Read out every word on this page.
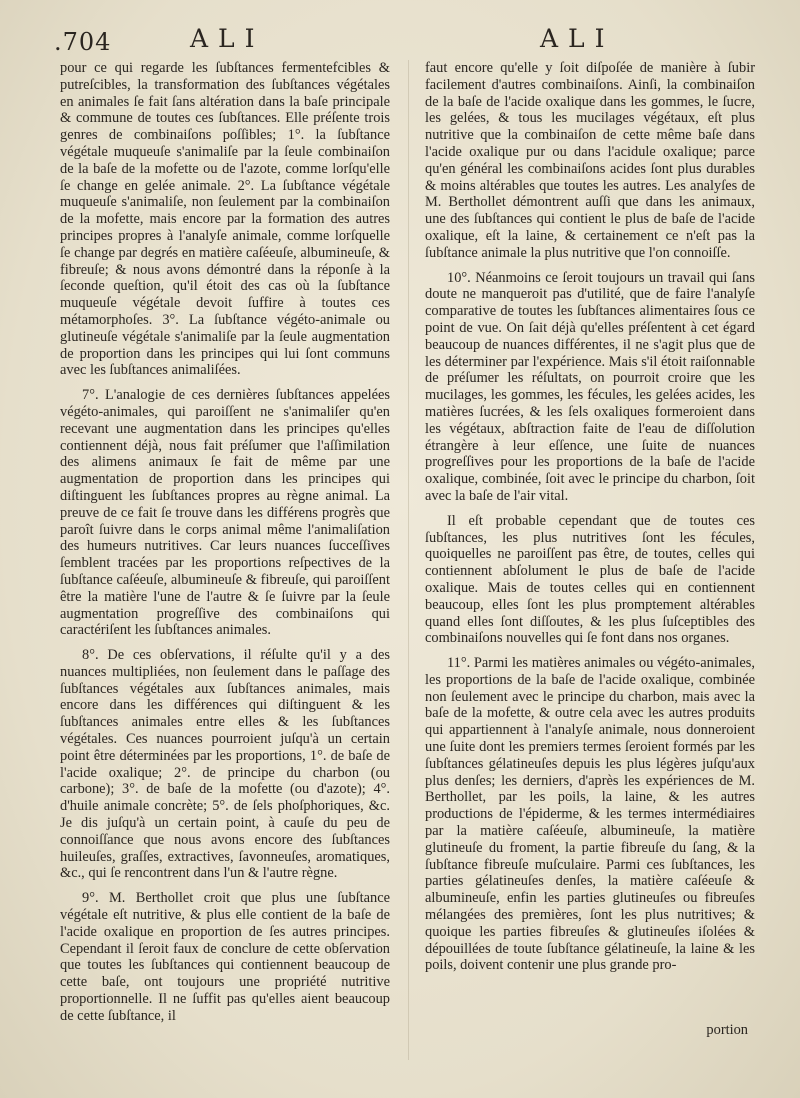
.704	ALI	ALI

pour ce qui regarde les ſubſtances fermentefcibles & putreſcibles, la transformation des ſubſtances végétales en animales ſe fait ſans altération dans la baſe principale & commune de toutes ces ſubſtances. Elle préſente trois genres de combinaiſons poſſibles; 1°. la ſubſtance végétale muqueuſe s'animaliſe par la ſeule combinaiſon de la baſe de la mofette ou de l'azote, comme lorſqu'elle ſe change en gelée animale. 2°. La ſubſtance végétale muqueuſe s'animaliſe, non ſeulement par la combinaiſon de la mofette, mais encore par la formation des autres principes propres à l'analyſe animale, comme lorſquelle ſe change par degrés en matière caſéeuſe, albumineuſe, & fibreuſe; & nous avons démontré dans la réponſe à la ſeconde queſtion, qu'il étoit des cas où la ſubſtance muqueuſe végétale devoit ſuffire à toutes ces métamorphoſes. 3°. La ſubſtance végéto-animale ou glutineuſe végétale s'animaliſe par la ſeule augmentation de proportion dans les principes qui lui ſont communs avec les ſubſtances animaliſées.

7°. L'analogie de ces dernières ſubſtances appelées végéto-animales, qui paroiſſent ne s'animaliſer qu'en recevant une augmentation dans les principes qu'elles contiennent déjà, nous fait préſumer que l'aſſimilation des alimens animaux ſe fait de même par une augmentation de proportion dans les principes qui diſtinguent les ſubſtances propres au règne animal. La preuve de ce fait ſe trouve dans les différens progrès que paroît ſuivre dans le corps animal même l'animaliſation des humeurs nutritives. Car leurs nuances ſucceſſives ſemblent tracées par les proportions reſpectives de la ſubſtance caſéeuſe, albumineuſe & fibreuſe, qui paroiſſent être la matière l'une de l'autre & ſe ſuivre par la ſeule augmentation progreſſive des combinaiſons qui caractériſent les ſubſtances animales.

8°. De ces obſervations, il réſulte qu'il y a des nuances multipliées, non ſeulement dans le paſſage des ſubſtances végétales aux ſubſtances animales, mais encore dans les différences qui diſtinguent & les ſubſtances animales entre elles & les ſubſtances végétales. Ces nuances pourroient juſqu'à un certain point être déterminées par les proportions, 1°. de baſe de l'acide oxalique; 2°. de principe du charbon (ou carbone); 3°. de baſe de la mofette (ou d'azote); 4°. d'huile animale concrète; 5°. de ſels phoſphoriques, &c. Je dis juſqu'à un certain point, à cauſe du peu de connoiſſance que nous avons encore des ſubſtances huileuſes, graſſes, extractives, ſavonneuſes, aromatiques, &c., qui ſe rencontrent dans l'un & l'autre règne.

9°. M. Berthollet croit que plus une ſubſtance végétale eſt nutritive, & plus elle contient de la baſe de l'acide oxalique en proportion de ſes autres principes. Cependant il ſeroit faux de conclure de cette obſervation que toutes les ſubſtances qui contiennent beaucoup de cette baſe, ont toujours une propriété nutritive proportionnelle. Il ne ſuffit pas qu'elles aient beaucoup de cette ſubſtance, il

faut encore qu'elle y ſoit diſpoſée de manière à ſubir facilement d'autres combinaiſons. Ainſi, la combinaiſon de la baſe de l'acide oxalique dans les gommes, le ſucre, les gelées, & tous les mucilages végétaux, eſt plus nutritive que la combinaiſon de cette même baſe dans l'acide oxalique pur ou dans l'acidule oxalique; parce qu'en général les combinaiſons acides ſont plus durables & moins altérables que toutes les autres. Les analyſes de M. Berthollet démontrent auſſi que dans les animaux, une des ſubſtances qui contient le plus de baſe de l'acide oxalique, eſt la laine, & certainement ce n'eſt pas la ſubſtance animale la plus nutritive que l'on connoiſſe.

10°. Néanmoins ce ſeroit toujours un travail qui ſans doute ne manqueroit pas d'utilité, que de faire l'analyſe comparative de toutes les ſubſtances alimentaires ſous ce point de vue. On ſait déjà qu'elles préſentent à cet égard beaucoup de nuances différentes, il ne s'agit plus que de les déterminer par l'expérience. Mais s'il étoit raiſonnable de préſumer les réſultats, on pourroit croire que les mucilages, les gommes, les fécules, les gelées acides, les matières ſucrées, & les ſels oxaliques formeroient dans les végétaux, abſtraction faite de l'eau de diſſolution étrangère à leur eſſence, une ſuite de nuances progreſſives pour les proportions de la baſe de l'acide oxalique, combinée, ſoit avec le principe du charbon, ſoit avec la baſe de l'air vital.

Il eſt probable cependant que de toutes ces ſubſtances, les plus nutritives ſont les fécules, quoiquelles ne paroiſſent pas être, de toutes, celles qui contiennent abſolument le plus de baſe de l'acide oxalique. Mais de toutes celles qui en contiennent beaucoup, elles ſont les plus promptement altérables quand elles ſont diſſoutes, & les plus ſuſceptibles des combinaiſons nouvelles qui ſe font dans nos organes.

11°. Parmi les matières animales ou végéto-animales, les proportions de la baſe de l'acide oxalique, combinée non ſeulement avec le principe du charbon, mais avec la baſe de la mofette, & outre cela avec les autres produits qui appartiennent à l'analyſe animale, nous donneroient une ſuite dont les premiers termes ſeroient formés par les ſubſtances gélatineuſes depuis les plus légères juſqu'aux plus denſes; les derniers, d'après les expériences de M. Berthollet, par les poils, la laine, & les autres productions de l'épiderme, & les termes intermédiaires par la matière caſéeuſe, albumineuſe, la matière glutineuſe du froment, la partie fibreuſe du ſang, & la ſubſtance fibreuſe muſculaire. Parmi ces ſubſtances, les parties gélatineuſes denſes, la matière caſéeuſe & albumineuſe, enfin les parties glutineuſes ou fibreuſes mélangées des premières, ſont les plus nutritives; & quoique les parties fibreuſes & glutineuſes iſolées & dépouillées de toute ſubſtance gélatineuſe, la laine & les poils, doivent contenir une plus grande pro-

portion
